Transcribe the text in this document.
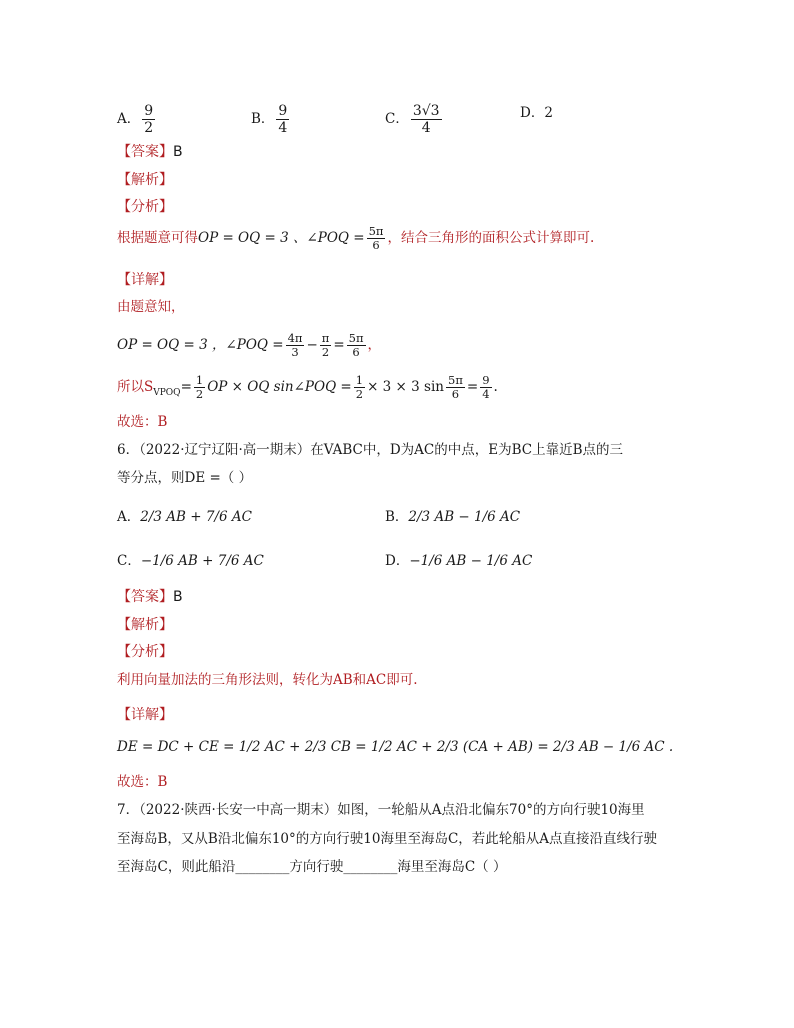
A． $\frac{9}{2}$	B． $\frac{9}{4}$	C． $\frac{3√3}{4}$	D．2
【答案】B
【解析】
【分析】
根据题意可得OP = OQ = 3 、∠POQ = $\frac{5\pi}{6}$ ，结合三角形的面积公式计算即可.
【详解】
由题意知，
OP = OQ = 3 ，∠POQ = $\frac{4\pi}{3} - \frac{\pi}{2} = \frac{5\pi}{6}$ ，
所以$S_{VPOQ}= \frac{1}{2}$ OP × OQ sin∠POQ = $\frac{1}{2} \times 3 \times 3$ $\sin \frac{5\pi}{6} = \frac{9}{4}$ .
故选：B
6．（2022·辽宁辽阳·高一期末）在VABC中，D为AC的中点，E为BC上靠近B点的三
等分点，则DE =（ ）
A．2/3 AB + 7/6 AC	B．2/3 AB − 1/6 AC
C．−1/6 AB + 7/6 AC	D．−1/6 AB − 1/6 AC
【答案】B
【解析】
【分析】
利用向量加法的三角形法则，转化为AB和AC即可.
【详解】
DE = DC + CE = 1/2 AC + 2/3 CB = 1/2 AC + 2/3 (CA + AB) = 2/3 AB − 1/6 AC .
故选：B
7．（2022·陕西·长安一中高一期末）如图，一轮船从A点沿北偏东70°的方向行驶10海里
至海岛B，又从B沿北偏东10°的方向行驶10海里至海岛C，若此轮船从A点直接沿直线行驶
至海岛C，则此船沿________方向行驶________海里至海岛C（ ）
